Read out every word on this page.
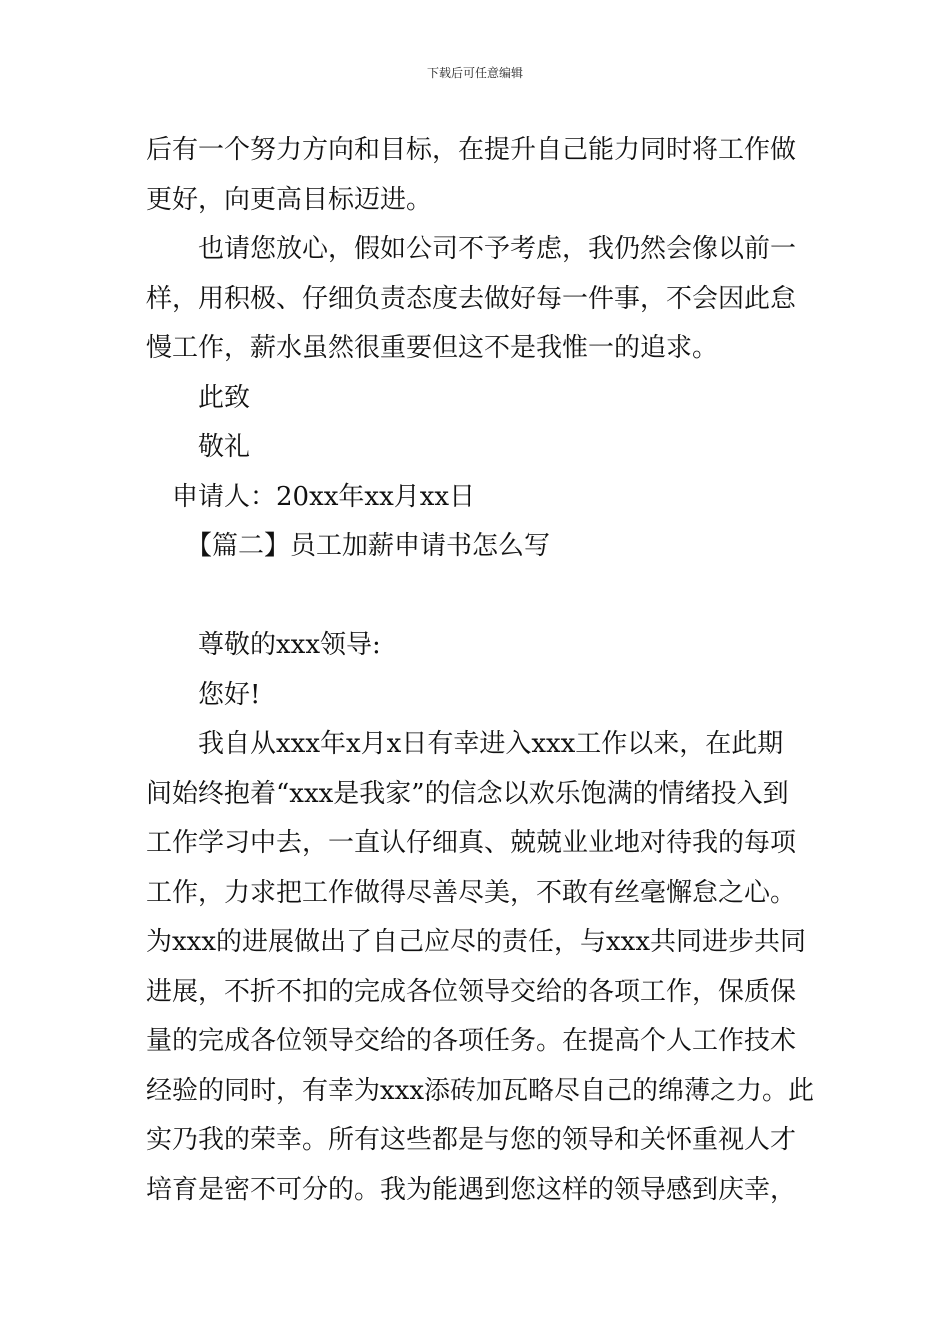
下载后可任意编辑
后有一个努力方向和目标，在提升自己能力同时将工作做
更好，向更高目标迈进。
也请您放心，假如公司不予考虑，我仍然会像以前一
样，用积极、仔细负责态度去做好每一件事，不会因此怠
慢工作，薪水虽然很重要但这不是我惟一的追求。
此致
敬礼
申请人：20xx年xx月xx日
【篇二】员工加薪申请书怎么写
尊敬的xxx领导:
您好!
我自从xxx年x月x日有幸进入xxx工作以来，在此期
间始终抱着“xxx是我家”的信念以欢乐饱满的情绪投入到
工作学习中去，一直认仔细真、兢兢业业地对待我的每项
工作，力求把工作做得尽善尽美，不敢有丝毫懈怠之心。
为xxx的进展做出了自己应尽的责任，与xxx共同进步共同
进展，不折不扣的完成各位领导交给的各项工作，保质保
量的完成各位领导交给的各项任务。在提高个人工作技术
经验的同时，有幸为xxx添砖加瓦略尽自己的绵薄之力。此
实乃我的荣幸。所有这些都是与您的领导和关怀重视人才
培育是密不可分的。我为能遇到您这样的领导感到庆幸，
